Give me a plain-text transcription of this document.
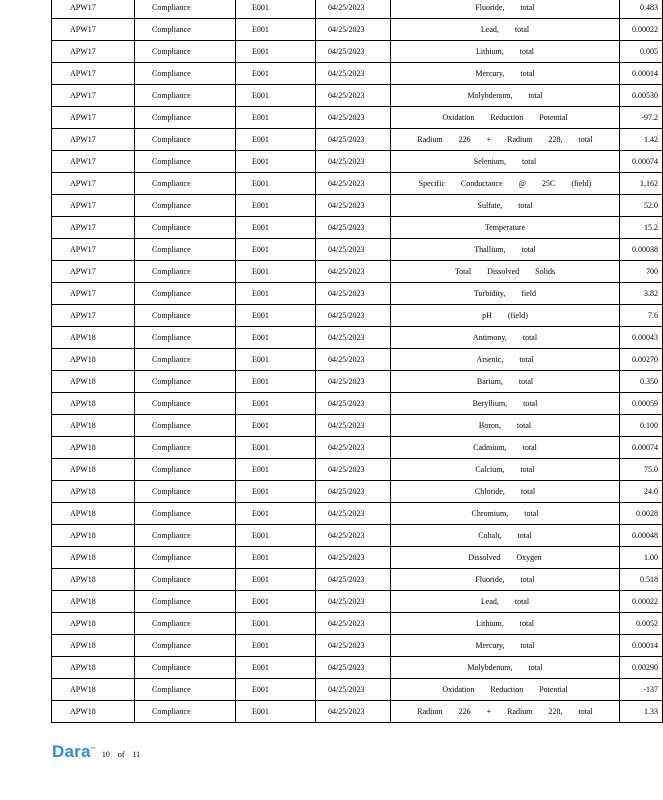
APW17	Compliance	E001	04/25/2023	Fluoride, total	0.483
APW17	Compliance	E001	04/25/2023	Lead, total	0.00022
APW17	Compliance	E001	04/25/2023	Lithium, total	0.005
APW17	Compliance	E001	04/25/2023	Mercury, total	0.00014
APW17	Compliance	E001	04/25/2023	Molybdenum, total	0.00530
APW17	Compliance	E001	04/25/2023	Oxidation Reduction Potential	-97.2
APW17	Compliance	E001	04/25/2023	Radium 226 + Radium 228, total	1.42
APW17	Compliance	E001	04/25/2023	Selenium, total	0.00074
APW17	Compliance	E001	04/25/2023	Specific Conductance @ 25C (field)	1,162
APW17	Compliance	E001	04/25/2023	Sulfate, total	52.0
APW17	Compliance	E001	04/25/2023	Temperature	15.2
APW17	Compliance	E001	04/25/2023	Thallium, total	0.00038
APW17	Compliance	E001	04/25/2023	Total Dissolved Solids	700
APW17	Compliance	E001	04/25/2023	Turbidity, field	3.82
APW17	Compliance	E001	04/25/2023	pH (field)	7.6
APW18	Compliance	E001	04/25/2023	Antimony, total	0.00043
APW18	Compliance	E001	04/25/2023	Arsenic, total	0.00270
APW18	Compliance	E001	04/25/2023	Barium, total	0.350
APW18	Compliance	E001	04/25/2023	Beryllium, total	0.00059
APW18	Compliance	E001	04/25/2023	Boron, total	0.100
APW18	Compliance	E001	04/25/2023	Cadmium, total	0.00074
APW18	Compliance	E001	04/25/2023	Calcium, total	75.0
APW18	Compliance	E001	04/25/2023	Chloride, total	24.0
APW18	Compliance	E001	04/25/2023	Chromium, total	0.0028
APW18	Compliance	E001	04/25/2023	Cobalt, total	0.00048
APW18	Compliance	E001	04/25/2023	Dissolved Oxygen	1.00
APW18	Compliance	E001	04/25/2023	Fluoride, total	0.518
APW18	Compliance	E001	04/25/2023	Lead, total	0.00022
APW18	Compliance	E001	04/25/2023	Lithium, total	0.0052
APW18	Compliance	E001	04/25/2023	Mercury, total	0.00014
APW18	Compliance	E001	04/25/2023	Molybdenum, total	0.00290
APW18	Compliance	E001	04/25/2023	Oxidation Reduction Potential	-137
APW18	Compliance	E001	04/25/2023	Radium 226 + Radium 228, total	1.33
Dara™ 10 of 11
